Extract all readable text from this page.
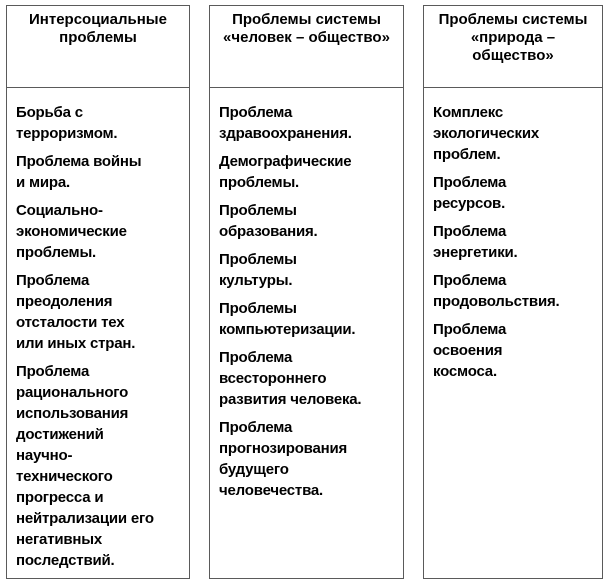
Интерсоциальные проблемы
Борьба с
терроризмом.
Проблема войны
и мира.
Социально-
экономические
проблемы.
Проблема
преодоления
отсталости тех
или иных стран.
Проблема
рационального
использования
достижений
научно-
технического
прогресса и
нейтрализации его
негативных
последствий.
Проблемы системы «человек – общество»
Проблема
здравоохранения.
Демографические
проблемы.
Проблемы
образования.
Проблемы
культуры.
Проблемы
компьютеризации.
Проблема
всестороннего
развития человека.
Проблема
прогнозирования
будущего
человечества.
Проблемы системы «природа – общество»
Комплекс
экологических
проблем.
Проблема
ресурсов.
Проблема
энергетики.
Проблема
продовольствия.
Проблема
освоения
космоса.
